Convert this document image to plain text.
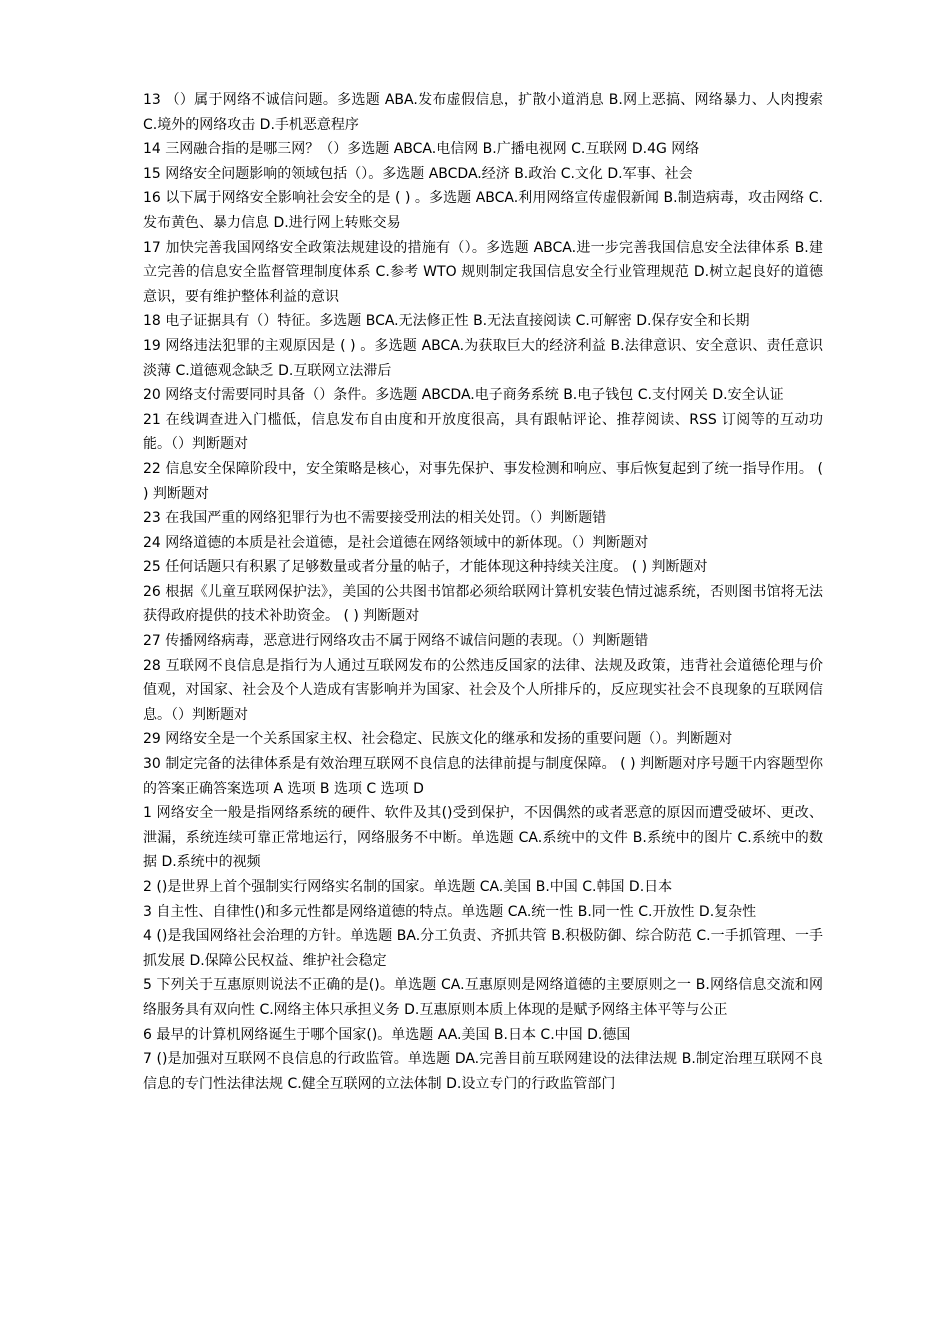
13 （）属于网络不诚信问题。多选题 ABA.发布虚假信息，扩散小道消息 B.网上恶搞、网络暴力、人肉搜索 C.境外的网络攻击 D.手机恶意程序

14 三网融合指的是哪三网？（）多选题 ABCA.电信网 B.广播电视网 C.互联网 D.4G 网络

15 网络安全问题影响的领域包括（）。多选题 ABCDA.经济 B.政治 C.文化 D.军事、社会

16 以下属于网络安全影响社会安全的是 ( ) 。多选题 ABCA.利用网络宣传虚假新闻 B.制造病毒，攻击网络 C.发布黄色、暴力信息 D.进行网上转账交易

17 加快完善我国网络安全政策法规建设的措施有（）。多选题 ABCA.进一步完善我国信息安全法律体系 B.建立完善的信息安全监督管理制度体系 C.参考 WTO 规则制定我国信息安全行业管理规范 D.树立起良好的道德意识，要有维护整体利益的意识

18 电子证据具有（）特征。多选题 BCA.无法修正性 B.无法直接阅读 C.可解密 D.保存安全和长期

19 网络违法犯罪的主观原因是 ( ) 。多选题 ABCA.为获取巨大的经济利益 B.法律意识、安全意识、责任意识淡薄 C.道德观念缺乏 D.互联网立法滞后

20 网络支付需要同时具备（）条件。多选题 ABCDA.电子商务系统 B.电子钱包 C.支付网关 D.安全认证

21 在线调查进入门槛低，信息发布自由度和开放度很高，具有跟帖评论、推荐阅读、RSS 订阅等的互动功能。（）判断题对

22 信息安全保障阶段中，安全策略是核心，对事先保护、事发检测和响应、事后恢复起到了统一指导作用。 ( ) 判断题对

23 在我国严重的网络犯罪行为也不需要接受刑法的相关处罚。（）判断题错

24 网络道德的本质是社会道德，是社会道德在网络领域中的新体现。（）判断题对

25 任何话题只有积累了足够数量或者分量的帖子，才能体现这种持续关注度。 ( ) 判断题对

26 根据《儿童互联网保护法》，美国的公共图书馆都必须给联网计算机安装色情过滤系统，否则图书馆将无法获得政府提供的技术补助资金。 ( ) 判断题对

27 传播网络病毒，恶意进行网络攻击不属于网络不诚信问题的表现。（）判断题错

28 互联网不良信息是指行为人通过互联网发布的公然违反国家的法律、法规及政策，违背社会道德伦理与价值观，对国家、社会及个人造成有害影响并为国家、社会及个人所排斥的，反应现实社会不良现象的互联网信息。（）判断题对

29 网络安全是一个关系国家主权、社会稳定、民族文化的继承和发扬的重要问题（）。判断题对

30 制定完备的法律体系是有效治理互联网不良信息的法律前提与制度保障。 ( ) 判断题对序号题干内容题型你的答案正确答案选项 A 选项 B 选项 C 选项 D

1 网络安全一般是指网络系统的硬件、软件及其()受到保护，不因偶然的或者恶意的原因而遭受破坏、更改、泄漏，系统连续可靠正常地运行，网络服务不中断。单选题 CA.系统中的文件 B.系统中的图片 C.系统中的数据 D.系统中的视频

2 ()是世界上首个强制实行网络实名制的国家。单选题 CA.美国 B.中国 C.韩国 D.日本

3 自主性、自律性()和多元性都是网络道德的特点。单选题 CA.统一性 B.同一性 C.开放性 D.复杂性

4 ()是我国网络社会治理的方针。单选题 BA.分工负责、齐抓共管 B.积极防御、综合防范 C.一手抓管理、一手抓发展 D.保障公民权益、维护社会稳定

5 下列关于互惠原则说法不正确的是()。单选题 CA.互惠原则是网络道德的主要原则之一 B.网络信息交流和网络服务具有双向性 C.网络主体只承担义务 D.互惠原则本质上体现的是赋予网络主体平等与公正

6 最早的计算机网络诞生于哪个国家()。单选题 AA.美国 B.日本 C.中国 D.德国

7 ()是加强对互联网不良信息的行政监管。单选题 DA.完善目前互联网建设的法律法规 B.制定治理互联网不良信息的专门性法律法规 C.健全互联网的立法体制 D.设立专门的行政监管部门
